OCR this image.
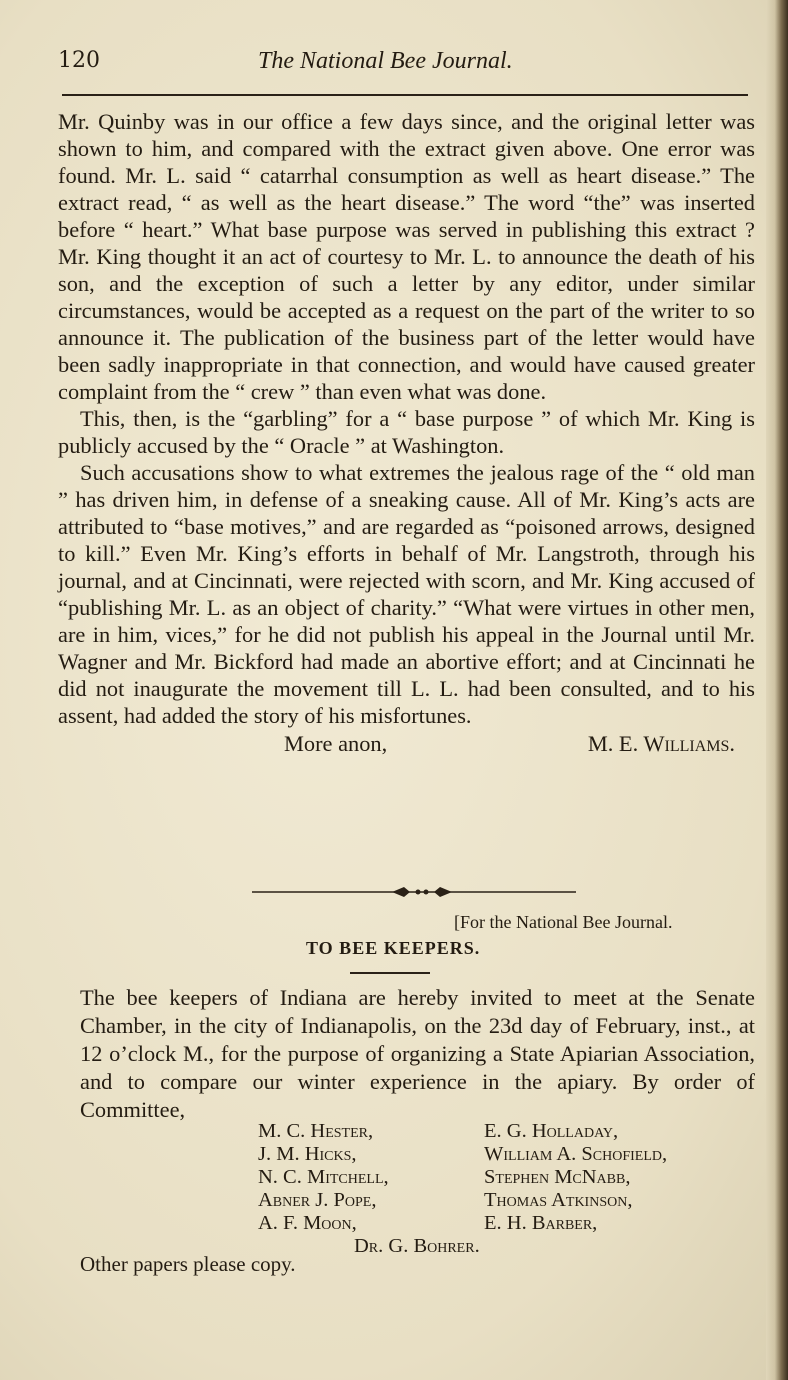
120	The National Bee Journal.

Mr. Quinby was in our office a few days since, and the original letter was shown to him, and compared with the extract given above. One error was found. Mr. L. said “ catarrhal consumption as well as heart disease.” The extract read, “ as well as the heart disease.” The word “the” was inserted before “ heart.” What base purpose was served in publishing this extract ? Mr. King thought it an act of courtesy to Mr. L. to announce the death of his son, and the exception of such a letter by any editor, under similar circumstances, would be accepted as a request on the part of the writer to so announce it. The publication of the business part of the letter would have been sadly inappropriate in that connection, and would have caused greater complaint from the “ crew ” than even what was done.

This, then, is the “garbling” for a “ base purpose ” of which Mr. King is publicly accused by the “ Oracle ” at Washington.

Such accusations show to what extremes the jealous rage of the “ old man ” has driven him, in defense of a sneaking cause. All of Mr. King’s acts are attributed to “base motives,” and are regarded as “poisoned arrows, designed to kill.” Even Mr. King’s efforts in behalf of Mr. Langstroth, through his journal, and at Cincinnati, were rejected with scorn, and Mr. King accused of “publishing Mr. L. as an object of charity.” “What were virtues in other men, are in him, vices,” for he did not publish his appeal in the Journal until Mr. Wagner and Mr. Bickford had made an abortive effort; and at Cincinnati he did not inaugurate the movement till L. L. had been consulted, and to his assent, had added the story of his misfortunes.

More anon,	M. E. Williams.
[For the National Bee Journal.
TO BEE KEEPERS.
The bee keepers of Indiana are hereby invited to meet at the Senate Chamber, in the city of Indianapolis, on the 23d day of February, inst., at 12 o’clock M., for the purpose of organizing a State Apiarian Association, and to compare our winter experience in the apiary. By order of Committee,
M. C. Hester,	E. G. Holladay,
J. M. Hicks,	William A. Schofield,
N. C. Mitchell,	Stephen McNabb,
Abner J. Pope,	Thomas Atkinson,
A. F. Moon,	E. H. Barber,
Dr. G. Bohrer.
Other papers please copy.
